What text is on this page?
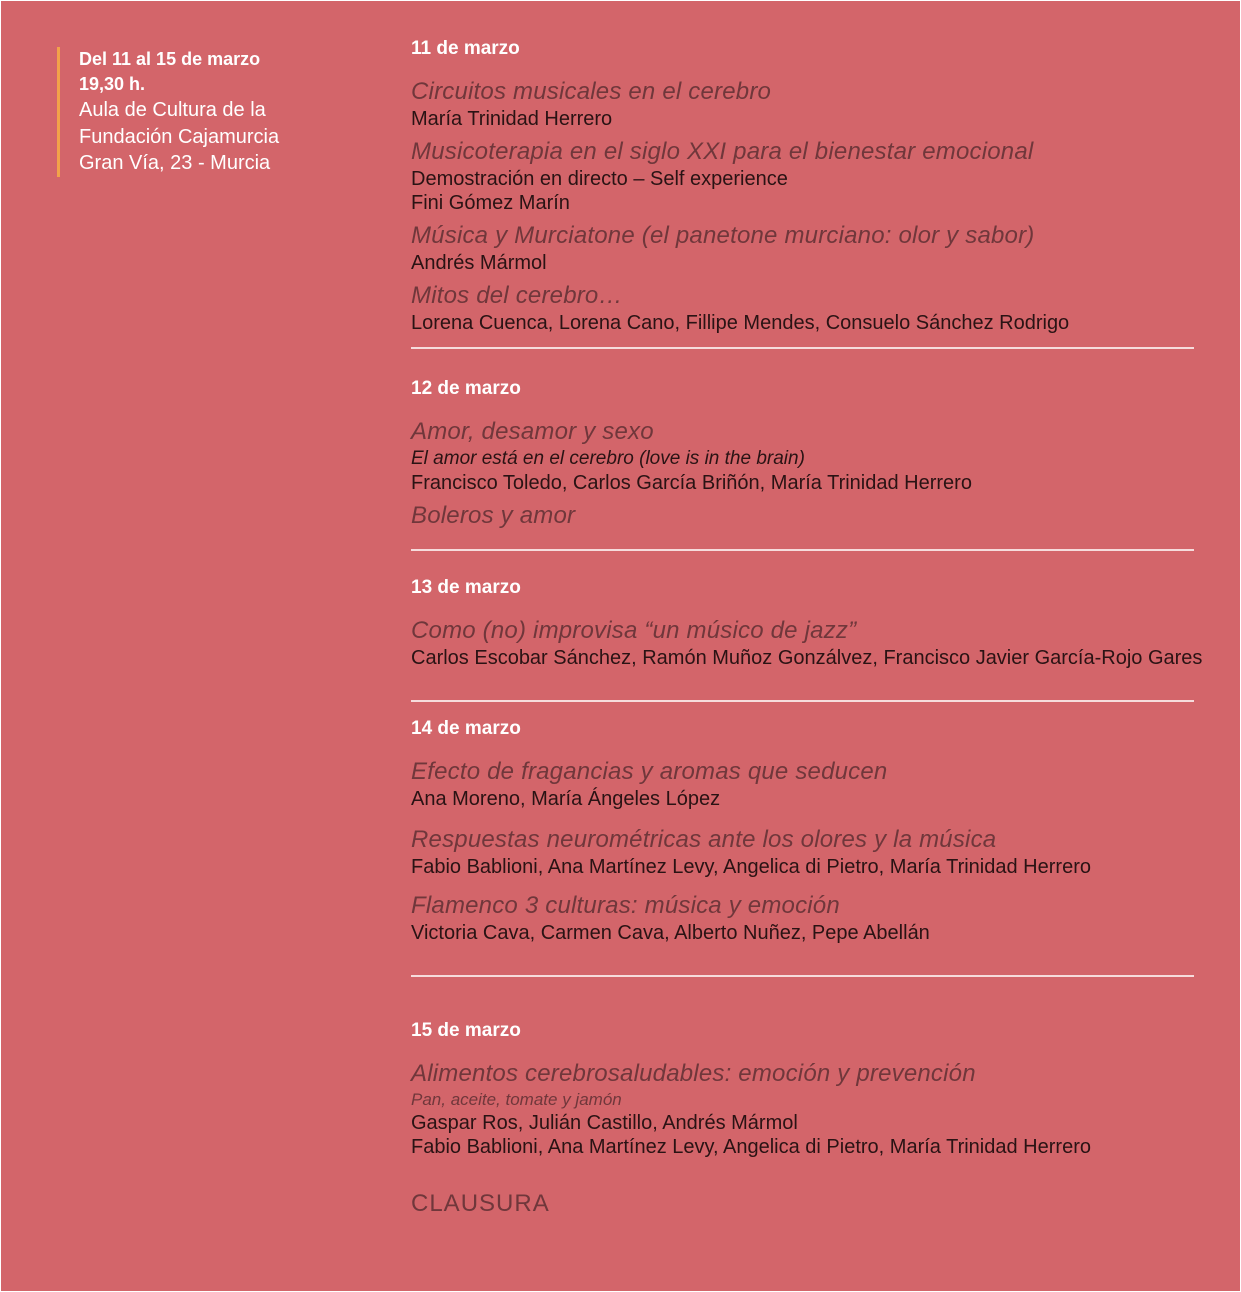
Del 11 al 15 de marzo
19,30 h.
Aula de Cultura de la
Fundación Cajamurcia
Gran Vía, 23 - Murcia
11 de marzo
Circuitos musicales en el cerebro
María Trinidad Herrero
Musicoterapia en el siglo XXI para el bienestar emocional
Demostración en directo – Self experience
Fini Gómez Marín
Música y Murciatone (el panetone murciano: olor y sabor)
Andrés Mármol
Mitos del cerebro…
Lorena Cuenca, Lorena Cano, Fillipe Mendes, Consuelo Sánchez Rodrigo
12 de marzo
Amor, desamor y sexo
El amor está en el cerebro (love is in the brain)
Francisco Toledo, Carlos García Briñón, María Trinidad Herrero
Boleros y amor
13 de marzo
Como (no) improvisa “un músico de jazz”
Carlos Escobar Sánchez, Ramón Muñoz Gonzálvez, Francisco Javier García-Rojo Gares
14 de marzo
Efecto de fragancias y aromas que seducen
Ana Moreno, María Ángeles López
Respuestas neurométricas ante los olores y la música
Fabio Bablioni, Ana Martínez Levy, Angelica di Pietro, María Trinidad Herrero
Flamenco 3 culturas: música y emoción
Victoria Cava, Carmen Cava, Alberto Nuñez, Pepe Abellán
15 de marzo
Alimentos cerebrosaludables: emoción y prevención
Pan, aceite, tomate y jamón
Gaspar Ros, Julián Castillo, Andrés Mármol
Fabio Bablioni, Ana Martínez Levy, Angelica di Pietro, María Trinidad Herrero
CLAUSURA
